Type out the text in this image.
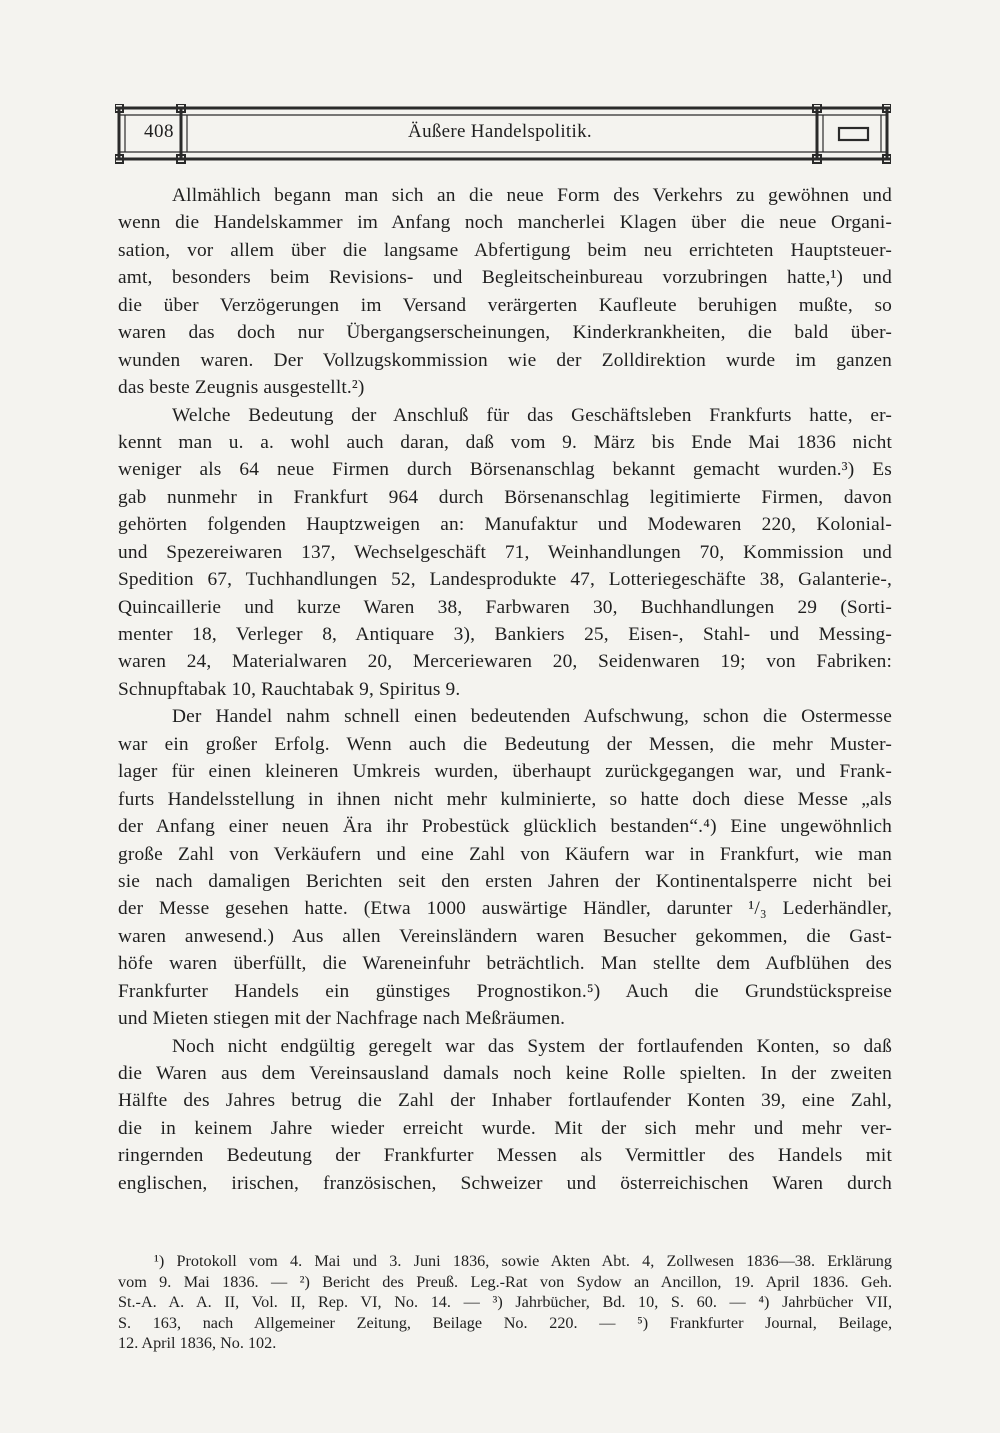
408	Äußere Handelspolitik.
Allmählich begann man sich an die neue Form des Verkehrs zu gewöhnen und
wenn die Handelskammer im Anfang noch mancherlei Klagen über die neue Organi-
sation, vor allem über die langsame Abfertigung beim neu errichteten Hauptsteuer-
amt, besonders beim Revisions- und Begleitscheinbureau vorzubringen hatte,¹) und
die über Verzögerungen im Versand verärgerten Kaufleute beruhigen mußte, so
waren das doch nur Übergangserscheinungen, Kinderkrankheiten, die bald über-
wunden waren. Der Vollzugskommission wie der Zolldirektion wurde im ganzen
das beste Zeugnis ausgestellt.²)
Welche Bedeutung der Anschluß für das Geschäftsleben Frankfurts hatte, er-
kennt man u. a. wohl auch daran, daß vom 9. März bis Ende Mai 1836 nicht
weniger als 64 neue Firmen durch Börsenanschlag bekannt gemacht wurden.³) Es
gab nunmehr in Frankfurt 964 durch Börsenanschlag legitimierte Firmen, davon
gehörten folgenden Hauptzweigen an: Manufaktur und Modewaren 220, Kolonial-
und Spezereiwaren 137, Wechselgeschäft 71, Weinhandlungen 70, Kommission und
Spedition 67, Tuchhandlungen 52, Landesprodukte 47, Lotteriegeschäfte 38, Galanterie-,
Quincaillerie und kurze Waren 38, Farbwaren 30, Buchhandlungen 29 (Sorti-
menter 18, Verleger 8, Antiquare 3), Bankiers 25, Eisen-, Stahl- und Messing-
waren 24, Materialwaren 20, Merceriewaren 20, Seidenwaren 19; von Fabriken:
Schnupftabak 10, Rauchtabak 9, Spiritus 9.
Der Handel nahm schnell einen bedeutenden Aufschwung, schon die Ostermesse
war ein großer Erfolg. Wenn auch die Bedeutung der Messen, die mehr Muster-
lager für einen kleineren Umkreis wurden, überhaupt zurückgegangen war, und Frank-
furts Handelsstellung in ihnen nicht mehr kulminierte, so hatte doch diese Messe „als
der Anfang einer neuen Ära ihr Probestück glücklich bestanden“.⁴) Eine ungewöhnlich
große Zahl von Verkäufern und eine Zahl von Käufern war in Frankfurt, wie man
sie nach damaligen Berichten seit den ersten Jahren der Kontinentalsperre nicht bei
der Messe gesehen hatte. (Etwa 1000 auswärtige Händler, darunter ¹/₃ Lederhändler,
waren anwesend.) Aus allen Vereinsländern waren Besucher gekommen, die Gast-
höfe waren überfüllt, die Wareneinfuhr beträchtlich. Man stellte dem Aufblühen des
Frankfurter Handels ein günstiges Prognostikon.⁵) Auch die Grundstückspreise
und Mieten stiegen mit der Nachfrage nach Meßräumen.
Noch nicht endgültig geregelt war das System der fortlaufenden Konten, so daß
die Waren aus dem Vereinsausland damals noch keine Rolle spielten. In der zweiten
Hälfte des Jahres betrug die Zahl der Inhaber fortlaufender Konten 39, eine Zahl,
die in keinem Jahre wieder erreicht wurde. Mit der sich mehr und mehr ver-
ringernden Bedeutung der Frankfurter Messen als Vermittler des Handels mit
englischen, irischen, französischen, Schweizer und österreichischen Waren durch
¹) Protokoll vom 4. Mai und 3. Juni 1836, sowie Akten Abt. 4, Zollwesen 1836—38. Erklärung
vom 9. Mai 1836. — ²) Bericht des Preuß. Leg.-Rat von Sydow an Ancillon, 19. April 1836. Geh.
St.-A. A. A. II, Vol. II, Rep. VI, No. 14. — ³) Jahrbücher, Bd. 10, S. 60. — ⁴) Jahrbücher VII,
S. 163, nach Allgemeiner Zeitung, Beilage No. 220. — ⁵) Frankfurter Journal, Beilage,
12. April 1836, No. 102.
